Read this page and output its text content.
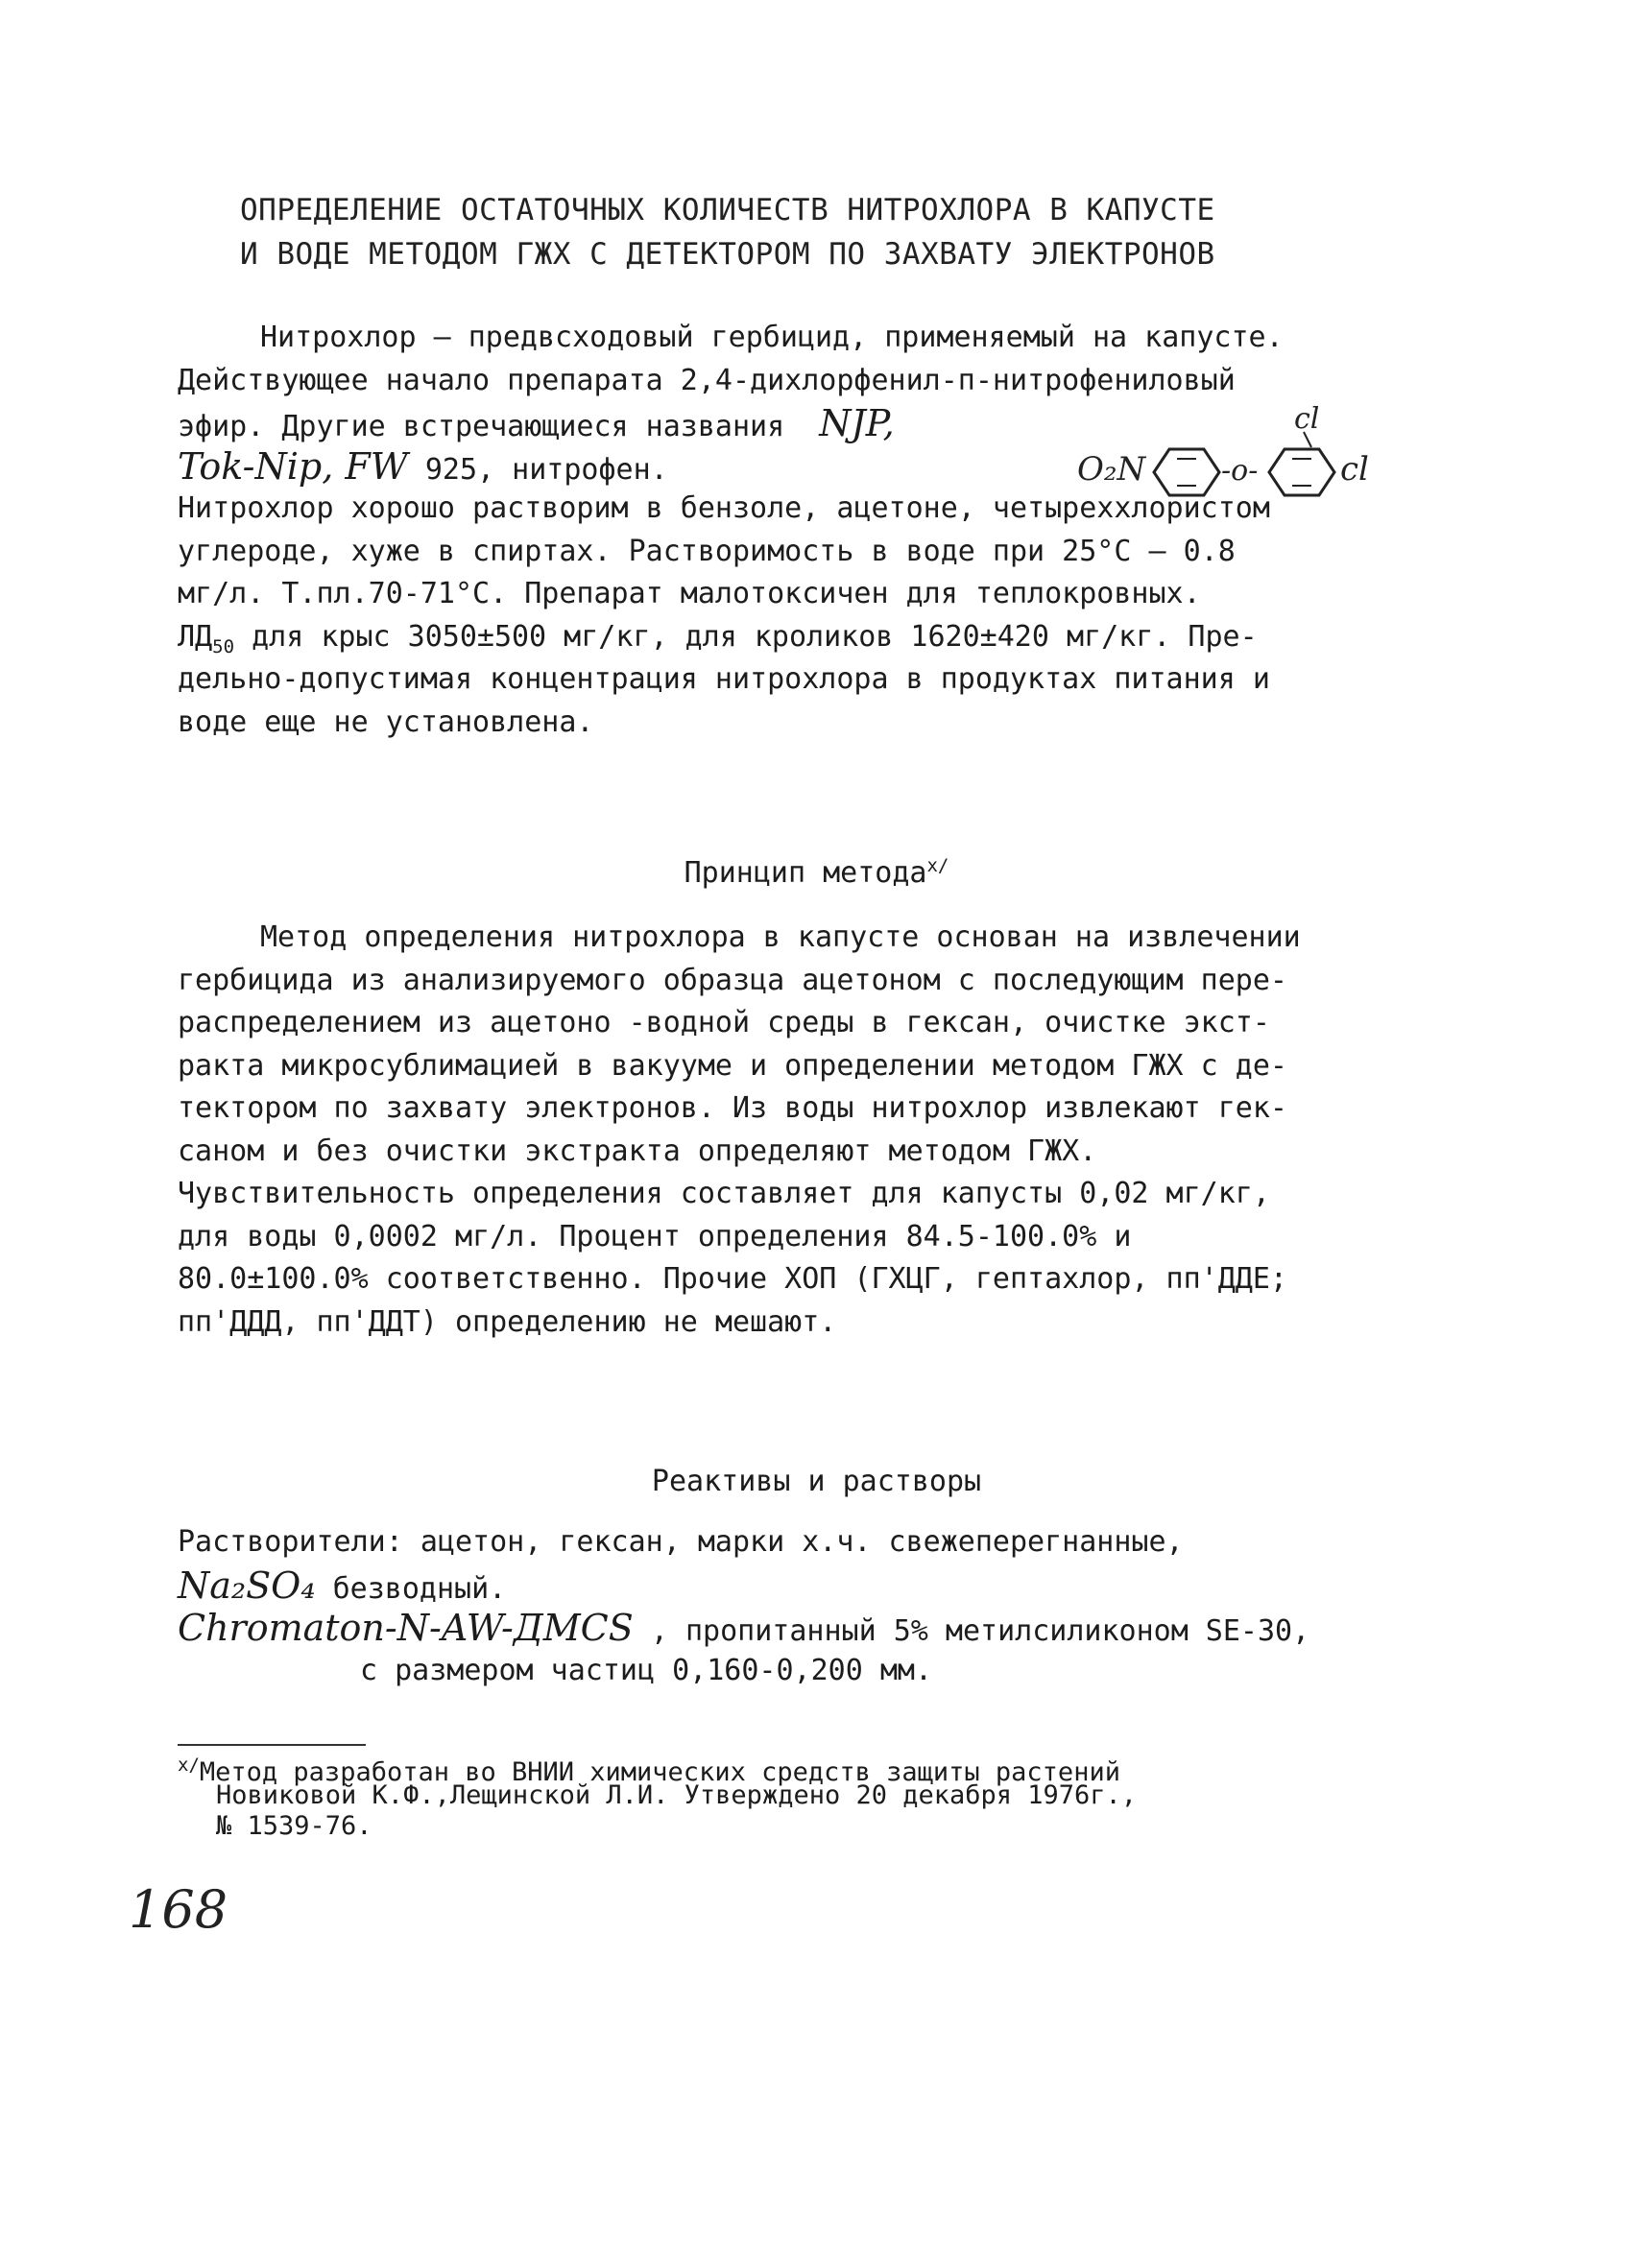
ОПРЕДЕЛЕНИЕ ОСТАТОЧНЫХ КОЛИЧЕСТВ НИТРОХЛОРА В КАПУСТЕ
И ВОДЕ МЕТОДОМ ГЖХ С ДЕТЕКТОРОМ ПО ЗАХВАТУ ЭЛЕКТРОНОВ
Нитрохлор – предвсходовый гербицид, применяемый на капусте.
Действующее начало препарата 2,4-дихлорфенил-п-нитрофениловый
эфир. Другие встречающиеся названия NJP,
Tok-Nip, FW 925, нитрофен.
Нитрохлор хорошо растворим в бензоле, ацетоне, четыреххлористом
углероде, хуже в спиртах. Растворимость в воде при 25°С – 0.8
мг/л. Т.пл.70-71°С. Препарат малотоксичен для теплокровных.
$ЛД_{50}$ для крыс 3050±500 мг/кг, для кроликов 1620±420 мг/кг. Пре-
дельно-допустимая концентрация нитрохлора в продуктах питания и
воде еще не установлена.
O₂N	-o-
cl
cl
Принцип метода$^{x/}$
Метод определения нитрохлора в капусте основан на извлечении
гербицида из анализируемого образца ацетоном с последующим пере-
распределением из ацетоно -водной среды в гексан, очистке экст-
ракта микросублимацией в вакууме и определении методом ГЖХ с де-
тектором по захвату электронов. Из воды нитрохлор извлекают гек-
саном и без очистки экстракта определяют методом ГЖХ.
Чувствительность определения составляет для капусты 0,02 мг/кг,
для воды 0,0002 мг/л. Процент определения 84.5-100.0% и
80.0±100.0% соответственно. Прочие ХОП (ГХЦГ, гептахлор, пп'ДДЕ;
пп'ДДД, пп'ДДТ) определению не мешают.
Реактивы и растворы
Растворители: ацетон, гексан, марки х.ч. свежеперегнанные,
Na₂SO₄ безводный.
Chromaton-N-AW-ДМСS , пропитанный 5% метилсиликоном SE-30,
с размером частиц 0,160-0,200 мм.
$^{x/}$Метод разработан во ВНИИ химических средств защиты растений
Новиковой К.Ф.,Лещинской Л.И. Утверждено 20 декабря 1976г.,
№ 1539-76.
168
